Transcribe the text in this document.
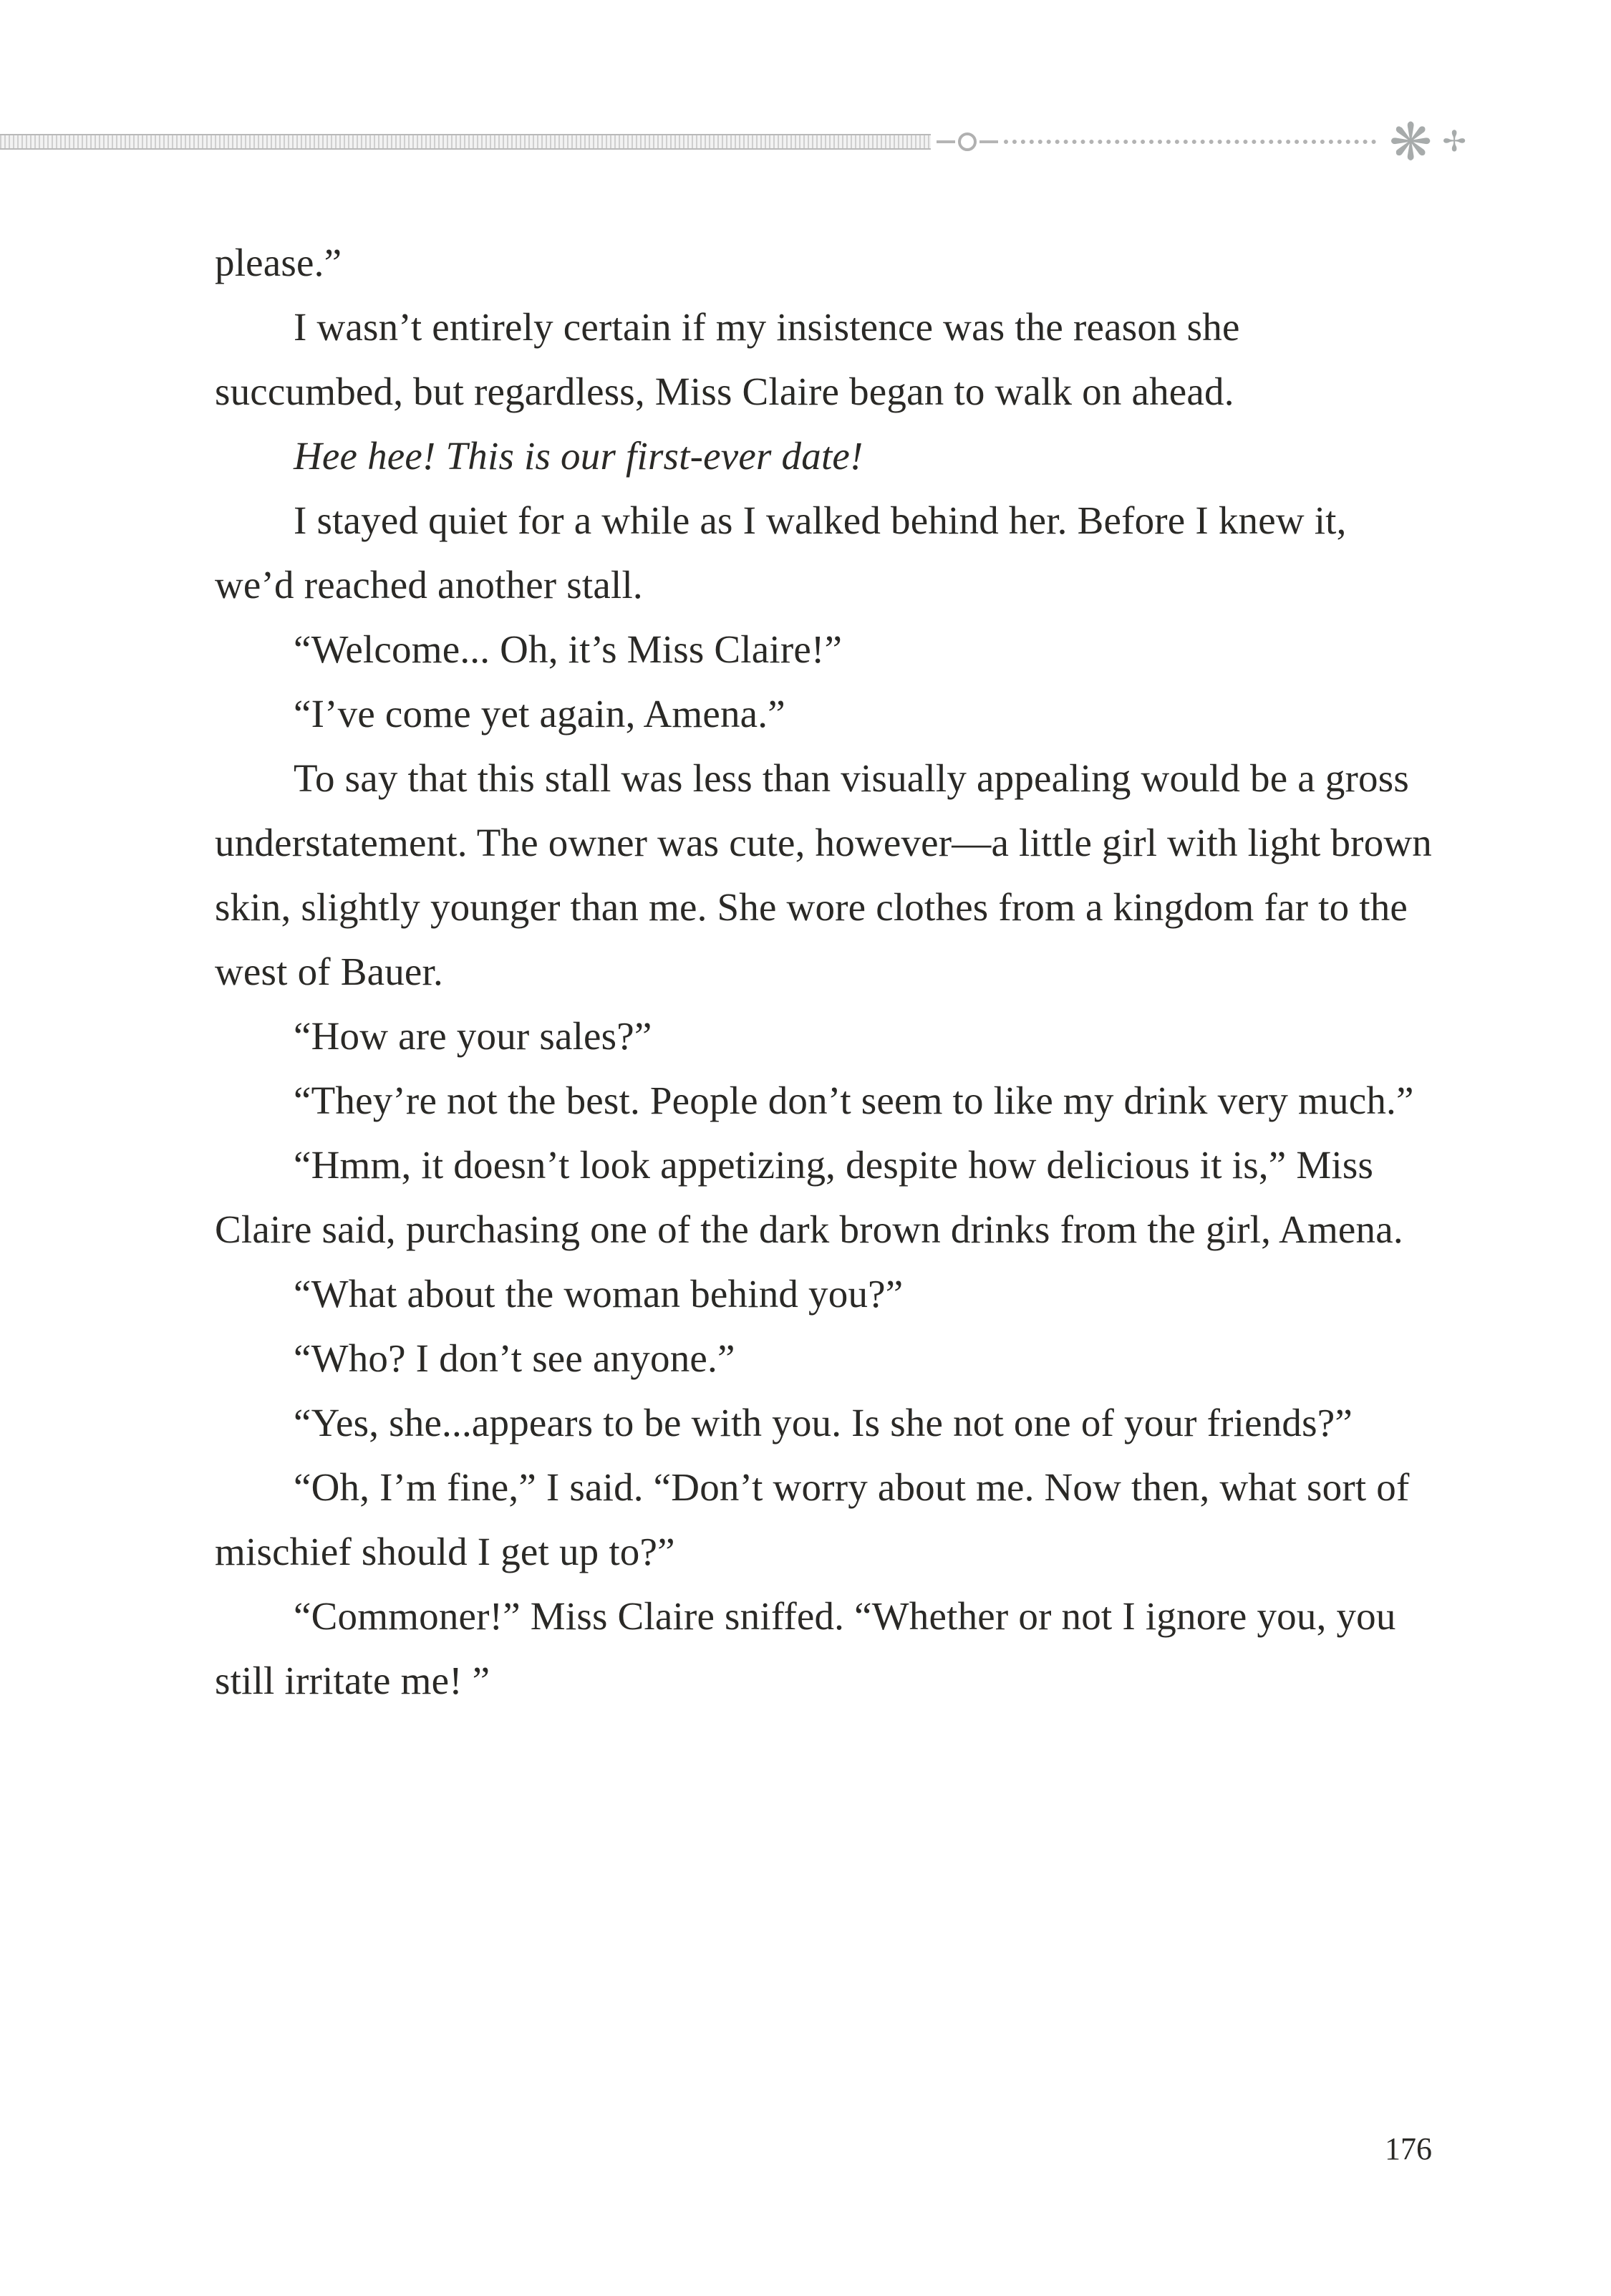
❋ ✢

please.”

I wasn’t entirely certain if my insistence was the reason she succumbed, but regardless, Miss Claire began to walk on ahead.

Hee hee! This is our first-ever date!

I stayed quiet for a while as I walked behind her. Before I knew it, we’d reached another stall.

“Welcome... Oh, it’s Miss Claire!”

“I’ve come yet again, Amena.”

To say that this stall was less than visually appealing would be a gross understatement. The owner was cute, however—a little girl with light brown skin, slightly younger than me. She wore clothes from a kingdom far to the west of Bauer.

“How are your sales?”

“They’re not the best. People don’t seem to like my drink very much.”

“Hmm, it doesn’t look appetizing, despite how delicious it is,” Miss Claire said, purchasing one of the dark brown drinks from the girl, Amena.

“What about the woman behind you?”

“Who? I don’t see anyone.”

“Yes, she...appears to be with you. Is she not one of your friends?”

“Oh, I’m fine,” I said. “Don’t worry about me. Now then, what sort of mischief should I get up to?”

“Commoner!” Miss Claire sniffed. “Whether or not I ignore you, you still irritate me! ”

176
